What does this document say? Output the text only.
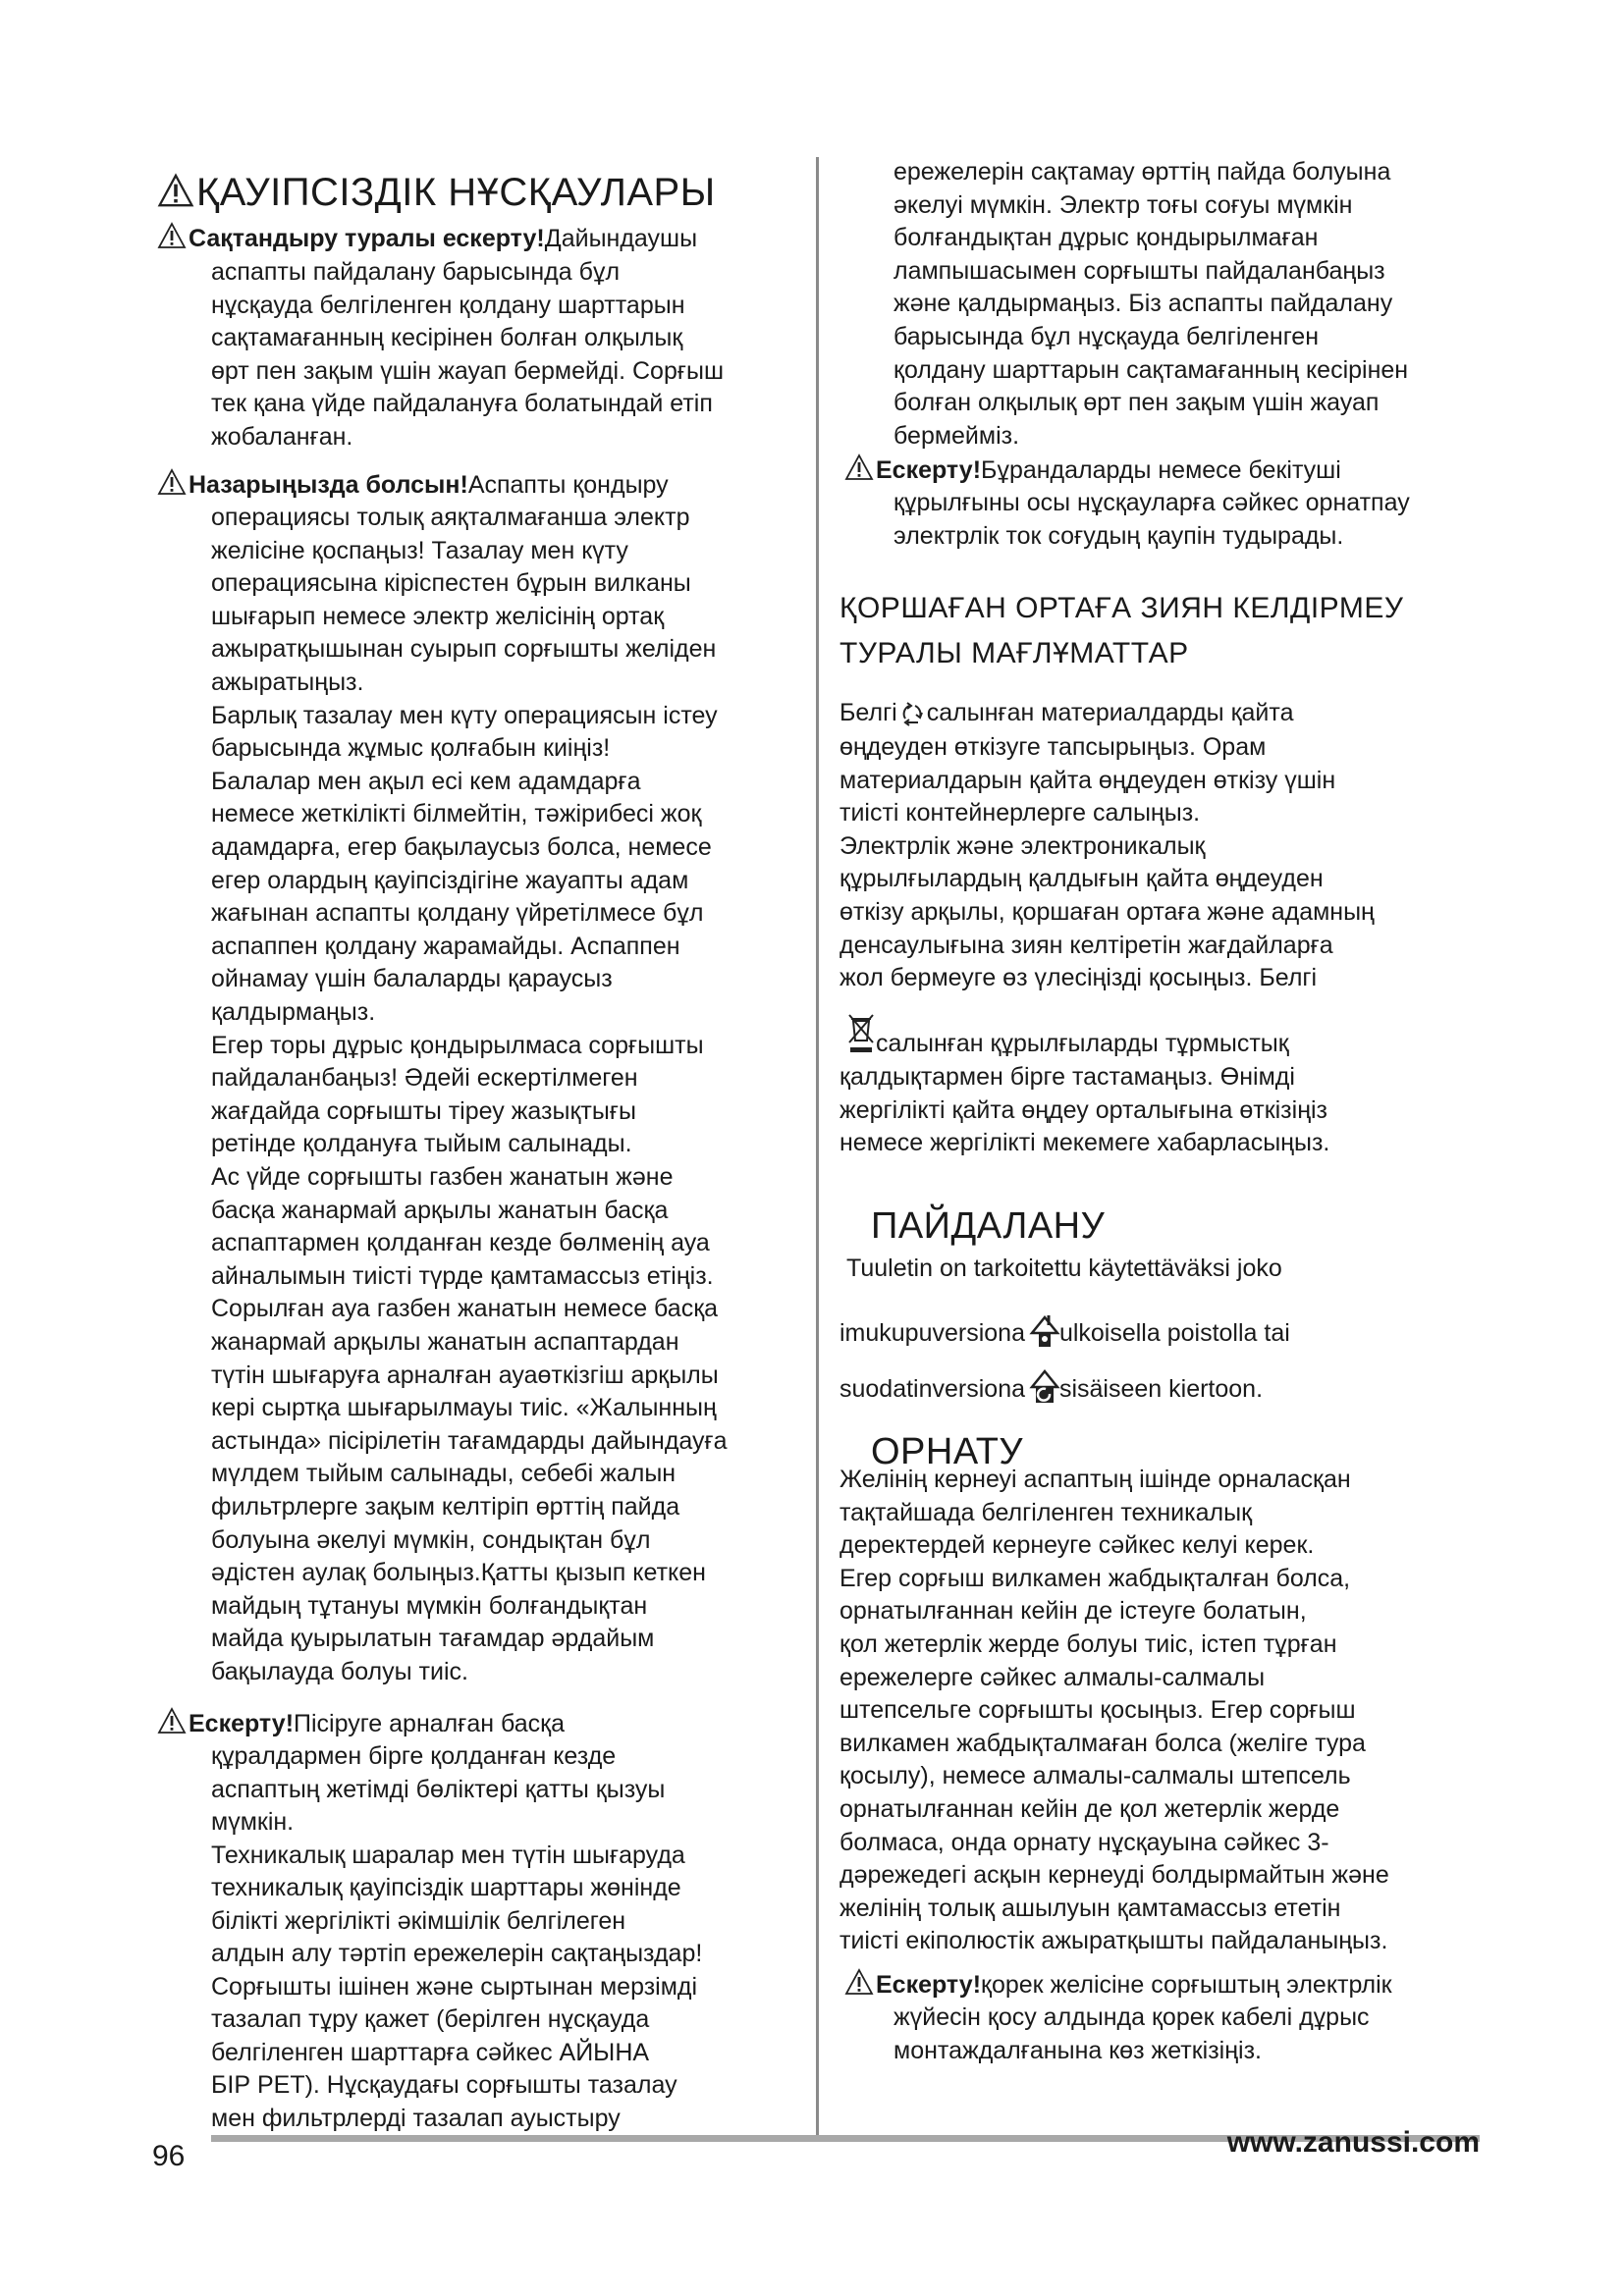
ҚАУІПСІЗДІК НҰСҚАУЛАРЫ
Сақтандыру туралы ескерту!Дайындаушы
аспапты пайдалану барысында бұл
нұсқауда белгіленген қолдану шарттарын
сақтамағанның кесірінен болған олқылық
өрт пен зақым үшін жауап бермейді. Сорғыш
тек қана үйде пайдалануға болатындай етіп
жобаланған.
Назарыңызда болсын!Аспапты қондыру
операциясы толық аяқталмағанша электр
желісіне қоспаңыз! Тазалау мен күту
операциясына кіріспестен бұрын вилканы
шығарып немесе электр желісінің ортақ
ажыратқышынан суырып сорғышты желіден
ажыратыңыз.
Барлық тазалау мен күту операциясын істеу
барысында жұмыс қолғабын киіңіз!
Балалар мен ақыл есі кем адамдарға
немесе жеткілікті білмейтін, тәжірибесі жоқ
адамдарға, егер бақылаусыз болса, немесе
егер олардың қауіпсіздігіне жауапты адам
жағынан аспапты қолдану үйретілмесе бұл
аспаппен қолдану жарамайды. Аспаппен
ойнамау үшін балаларды қараусыз
қалдырмаңыз.
Егер торы дұрыс қондырылмаса сорғышты
пайдаланбаңыз! Әдейі ескертілмеген
жағдайда сорғышты тіреу жазықтығы
ретінде қолдануға тыйым салынады.
Ас үйде сорғышты газбен жанатын және
басқа жанармай арқылы жанатын басқа
аспаптармен қолданған кезде бөлменің ауа
айналымын тиісті түрде қамтамассыз етіңіз.
Сорылған ауа газбен жанатын немесе басқа
жанармай арқылы жанатын аспаптардан
түтін шығаруға арналған ауаөткізгіш арқылы
кері сыртқа шығарылмауы тиіс. «Жалынның
астында» пісірілетін тағамдарды дайындауға
мүлдем тыйым салынады, себебі жалын
фильтрлерге зақым келтіріп өрттің пайда
болуына әкелуі мүмкін, сондықтан бұл
әдістен аулақ болыңыз.Қатты қызып кеткен
майдың тұтануы мүмкін болғандықтан
майда қуырылатын тағамдар әрдайым
бақылауда болуы тиіс.
Ескерту!Пісіруге арналған басқа
құралдармен бірге қолданған кезде
аспаптың жетімді бөліктері қатты қызуы
мүмкін.
Техникалық шаралар мен түтін шығаруда
техникалық қауіпсіздік шарттары жөнінде
білікті жергілікті әкімшілік белгілеген
алдын алу тәртіп ережелерін сақтаңыздар!
Сорғышты ішінен және сыртынан мерзімді
тазалап тұру қажет (берілген нұсқауда
белгіленген шарттарға сәйкес АЙЫНА
БІР РЕТ). Нұсқаудағы сорғышты тазалау
мен фильтрлерді тазалап ауыстыру
ережелерін сақтамау өрттің пайда болуына
әкелуі мүмкін. Электр тоғы соғуы мүмкін
болғандықтан дұрыс қондырылмаған
лампышасымен сорғышты пайдаланбаңыз
және қалдырмаңыз. Біз аспапты пайдалану
барысында бұл нұсқауда белгіленген
қолдану шарттарын сақтамағанның кесірінен
болған олқылық өрт пен зақым үшін жауап
бермейміз.
Ескерту!Бұрандаларды немесе бекітуші
құрылғыны осы нұсқауларға сәйкес орнатпау
электрлік ток соғудың қаупін тудырады.
ҚОРШАҒАН ОРТАҒА ЗИЯН КЕЛДІРМЕУ
ТУРАЛЫ МАҒЛҰМАТТАР
Белгі салынған материалдарды қайта
өңдеуден өткізуге тапсырыңыз. Орам
материалдарын қайта өңдеуден өткізу үшін
тиісті контейнерлерге салыңыз.
Электрлік және электроникалық
құрылғылардың қалдығын қайта өңдеуден
өткізу арқылы, қоршаған ортаға және адамның
денсаулығына зиян келтіретін жағдайларға
жол бермеуге өз үлесіңізді қосыңыз. Белгі
салынған құрылғыларды тұрмыстық
қалдықтармен бірге тастамаңыз. Өнімді
жергілікті қайта өңдеу орталығына өткізіңіз
немесе жергілікті мекемеге хабарласыңыз.
ПАЙДАЛАНУ
Tuuletin on tarkoitettu käytettäväksi joko
imukupuversiona ulkoisella poistolla tai
suodatinversiona sisäiseen kiertoon.
ОРНАТУ
Желінің кернеуі аспаптың ішінде орналасқан
тақтайшада белгіленген техникалық
деректердей кернеуге сәйкес келуі керек.
Егер сорғыш вилкамен жабдықталған болса,
орнатылғаннан кейін де істеуге болатын,
қол жетерлік жерде болуы тиіс, істеп тұрған
ережелерге сәйкес алмалы-салмалы
штепсельге сорғышты қосыңыз. Егер сорғыш
вилкамен жабдықталмаған болса (желіге тура
қосылу), немесе алмалы-салмалы штепсель
орнатылғаннан кейін де қол жетерлік жерде
болмаса, онда орнату нұсқауына сәйкес 3-
дәрежедегі асқын кернеуді болдырмайтын және
желінің толық ашылуын қамтамассыз ететін
тиісті екіполюстік ажыратқышты пайдаланыңыз.
Ескерту!қорек желісіне сорғыштың электрлік
жүйесін қосу алдында қорек кабелі дұрыс
монтаждалғанына көз жеткізіңіз.
96	www.zanussi.com
